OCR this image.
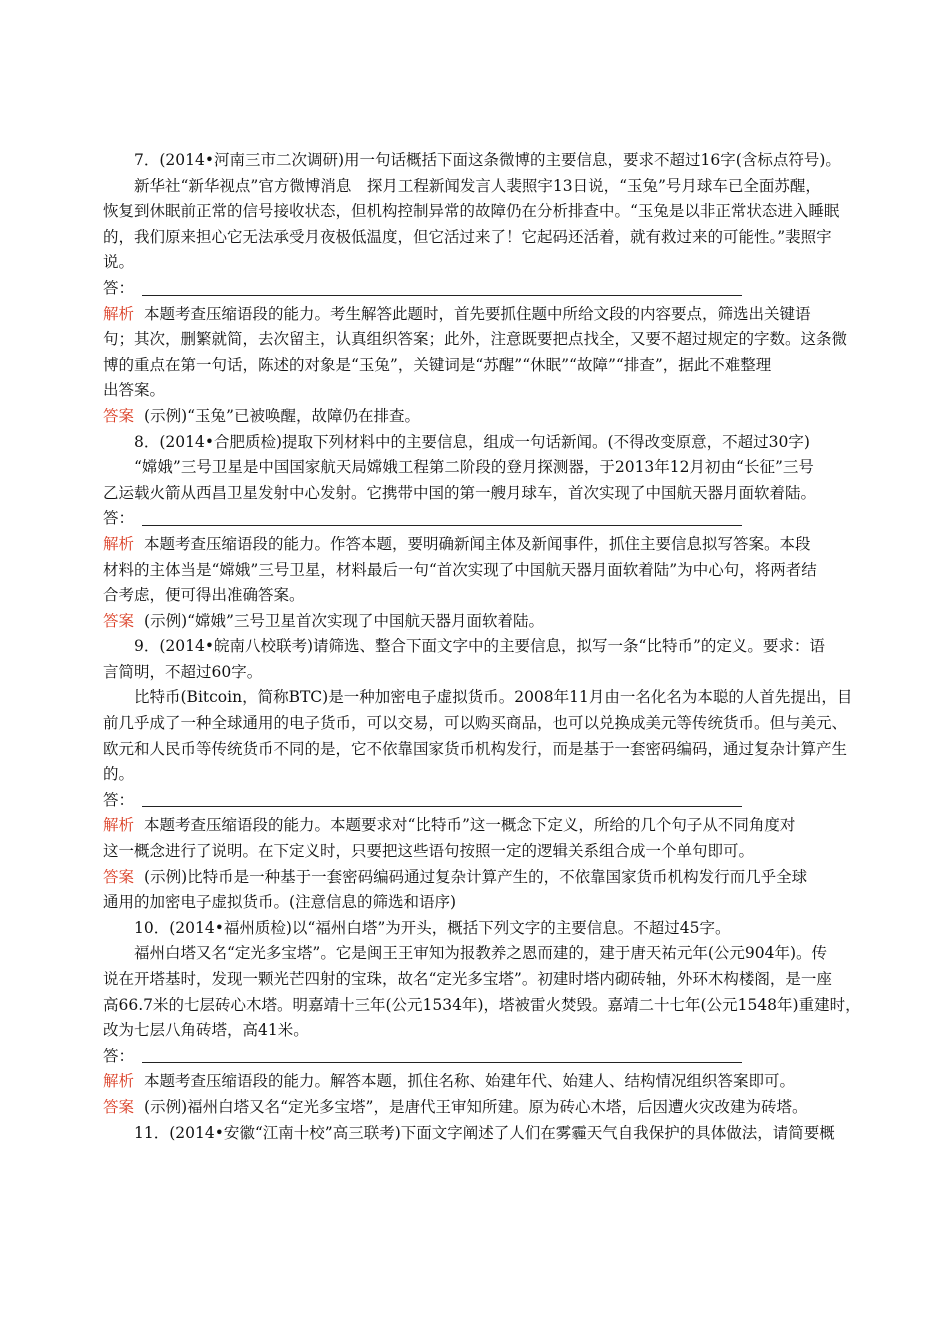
7．(2014•河南三市二次调研)用一句话概括下面这条微博的主要信息，要求不超过16字(含标点符号)。

新华社“新华视点”官方微博消息　探月工程新闻发言人裴照宇13日说，“玉兔”号月球车已全面苏醒，
恢复到休眠前正常的信号接收状态，但机构控制异常的故障仍在分析排查中。“玉兔是以非正常状态进入睡眠
的，我们原来担心它无法承受月夜极低温度，但它活过来了！它起码还活着，就有救过来的可能性。”裴照宇
说。

答：

解析 本题考查压缩语段的能力。考生解答此题时，首先要抓住题中所给文段的内容要点，筛选出关键语
句；其次，删繁就简，去次留主，认真组织答案；此外，注意既要把点找全，又要不超过规定的字数。这条微
博的重点在第一句话，陈述的对象是“玉兔”，关键词是“苏醒”“休眠”“故障”“排查”，据此不难整理
出答案。

答案 (示例)“玉兔”已被唤醒，故障仍在排查。

8．(2014•合肥质检)提取下列材料中的主要信息，组成一句话新闻。(不得改变原意，不超过30字)

“嫦娥”三号卫星是中国国家航天局嫦娥工程第二阶段的登月探测器，于2013年12月初由“长征”三号
乙运载火箭从西昌卫星发射中心发射。它携带中国的第一艘月球车，首次实现了中国航天器月面软着陆。

答：

解析 本题考查压缩语段的能力。作答本题，要明确新闻主体及新闻事件，抓住主要信息拟写答案。本段
材料的主体当是“嫦娥”三号卫星，材料最后一句“首次实现了中国航天器月面软着陆”为中心句，将两者结
合考虑，便可得出准确答案。

答案 (示例)“嫦娥”三号卫星首次实现了中国航天器月面软着陆。

9．(2014•皖南八校联考)请筛选、整合下面文字中的主要信息，拟写一条“比特币”的定义。要求：语
言简明，不超过60字。

比特币(Bitcoin，简称BTC)是一种加密电子虚拟货币。2008年11月由一名化名为本聪的人首先提出，目
前几乎成了一种全球通用的电子货币，可以交易，可以购买商品，也可以兑换成美元等传统货币。但与美元、
欧元和人民币等传统货币不同的是，它不依靠国家货币机构发行，而是基于一套密码编码，通过复杂计算产生
的。

答：

解析 本题考查压缩语段的能力。本题要求对“比特币”这一概念下定义，所给的几个句子从不同角度对
这一概念进行了说明。在下定义时，只要把这些语句按照一定的逻辑关系组合成一个单句即可。

答案 (示例)比特币是一种基于一套密码编码通过复杂计算产生的，不依靠国家货币机构发行而几乎全球
通用的加密电子虚拟货币。(注意信息的筛选和语序)

10．(2014•福州质检)以“福州白塔”为开头，概括下列文字的主要信息。不超过45字。

福州白塔又名“定光多宝塔”。它是闽王王审知为报教养之恩而建的，建于唐天祐元年(公元904年)。传
说在开塔基时，发现一颗光芒四射的宝珠，故名“定光多宝塔”。初建时塔内砌砖轴，外环木构楼阁，是一座
高66.7米的七层砖心木塔。明嘉靖十三年(公元1534年)，塔被雷火焚毁。嘉靖二十七年(公元1548年)重建时，
改为七层八角砖塔，高41米。

答：

解析 本题考查压缩语段的能力。解答本题，抓住名称、始建年代、始建人、结构情况组织答案即可。

答案 (示例)福州白塔又名“定光多宝塔”，是唐代王审知所建。原为砖心木塔，后因遭火灾改建为砖塔。

11．(2014•安徽“江南十校”高三联考)下面文字阐述了人们在雾霾天气自我保护的具体做法，请简要概
